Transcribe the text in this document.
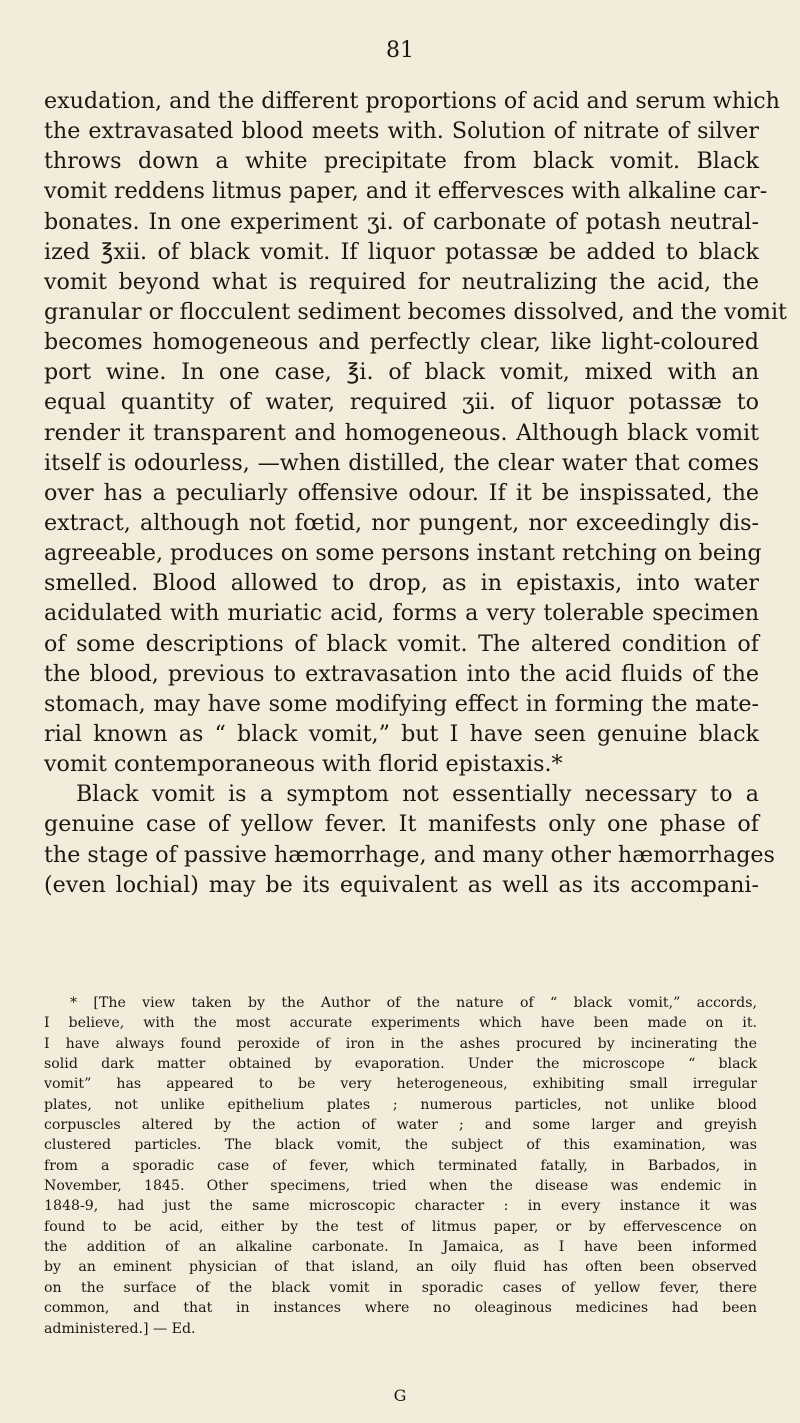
81
exudation, and the different proportions of acid and serum which
the extravasated blood meets with. Solution of nitrate of silver
throws down a white precipitate from black vomit. Black
vomit reddens litmus paper, and it effervesces with alkaline car-
bonates. In one experiment ʒi. of carbonate of potash neutral-
ized ℥xii. of black vomit. If liquor potassæ be added to black
vomit beyond what is required for neutralizing the acid, the
granular or flocculent sediment becomes dissolved, and the vomit
becomes homogeneous and perfectly clear, like light-coloured
port wine. In one case, ℥i. of black vomit, mixed with an
equal quantity of water, required ʒii. of liquor potassæ to
render it transparent and homogeneous. Although black vomit
itself is odourless, —when distilled, the clear water that comes
over has a peculiarly offensive odour. If it be inspissated, the
extract, although not fœtid, nor pungent, nor exceedingly dis-
agreeable, produces on some persons instant retching on being
smelled. Blood allowed to drop, as in epistaxis, into water
acidulated with muriatic acid, forms a very tolerable specimen
of some descriptions of black vomit. The altered condition of
the blood, previous to extravasation into the acid fluids of the
stomach, may have some modifying effect in forming the mate-
rial known as “ black vomit,” but I have seen genuine black
vomit contemporaneous with florid epistaxis.*
Black vomit is a symptom not essentially necessary to a
genuine case of yellow fever. It manifests only one phase of
the stage of passive hæmorrhage, and many other hæmorrhages
(even lochial) may be its equivalent as well as its accompani-
* [The view taken by the Author of the nature of “ black vomit,” accords,
I believe, with the most accurate experiments which have been made on it.
I have always found peroxide of iron in the ashes procured by incinerating the
solid dark matter obtained by evaporation. Under the microscope “ black
vomit” has appeared to be very heterogeneous, exhibiting small irregular
plates, not unlike epithelium plates ; numerous particles, not unlike blood
corpuscles altered by the action of water ; and some larger and greyish
clustered particles. The black vomit, the subject of this examination, was
from a sporadic case of fever, which terminated fatally, in Barbados, in
November, 1845. Other specimens, tried when the disease was endemic in
1848-9, had just the same microscopic character : in every instance it was
found to be acid, either by the test of litmus paper, or by effervescence on
the addition of an alkaline carbonate. In Jamaica, as I have been informed
by an eminent physician of that island, an oily fluid has often been observed
on the surface of the black vomit in sporadic cases of yellow fever, there
common, and that in instances where no oleaginous medicines had been
administered.] — Ed.
G
